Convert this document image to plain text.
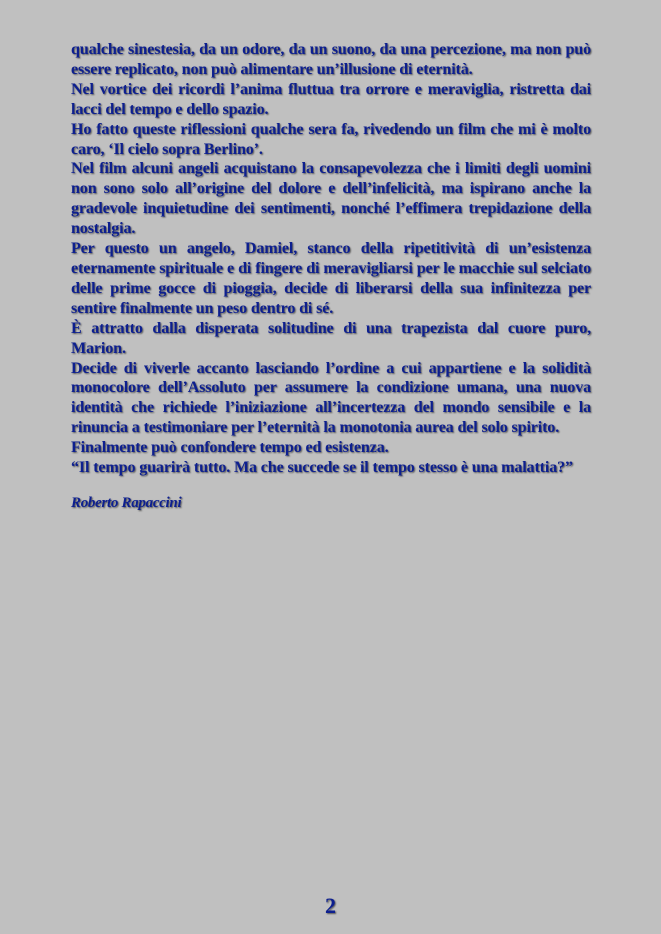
qualche sinestesia, da un odore, da un suono, da una percezione, ma non può essere replicato, non può alimentare un’illusione di eternità.

Nel vortice dei ricordi l’anima fluttua tra orrore e meraviglia, ristretta dai lacci del tempo e dello spazio.

Ho fatto queste riflessioni qualche sera fa, rivedendo un film che mi è molto caro, ‘Il cielo sopra Berlino’.

Nel film alcuni angeli acquistano la consapevolezza che i limiti degli uomini non sono solo all’origine del dolore e dell’infelicità, ma ispirano anche la gradevole inquietudine dei sentimenti, nonché l’effimera trepidazione della nostalgia.

Per questo un angelo, Damiel, stanco della ripetitività di un’esistenza eternamente spirituale e di fingere di meravigliarsi per le macchie sul selciato delle prime gocce di pioggia, decide di liberarsi della sua infinitezza per sentire finalmente un peso dentro di sé.

È attratto dalla disperata solitudine di una trapezista dal cuore puro, Marion.

Decide di viverle accanto lasciando l’ordine a cui appartiene e la solidità monocolore dell’Assoluto per assumere la condizione umana, una nuova identità che richiede l’iniziazione all’incertezza del mondo sensibile e la rinuncia a testimoniare per l’eternità la monotonia aurea del solo spirito.

Finalmente può confondere tempo ed esistenza.

“Il tempo guarirà tutto. Ma che succede se il tempo stesso è una malattia?”

Roberto Rapaccini

2
